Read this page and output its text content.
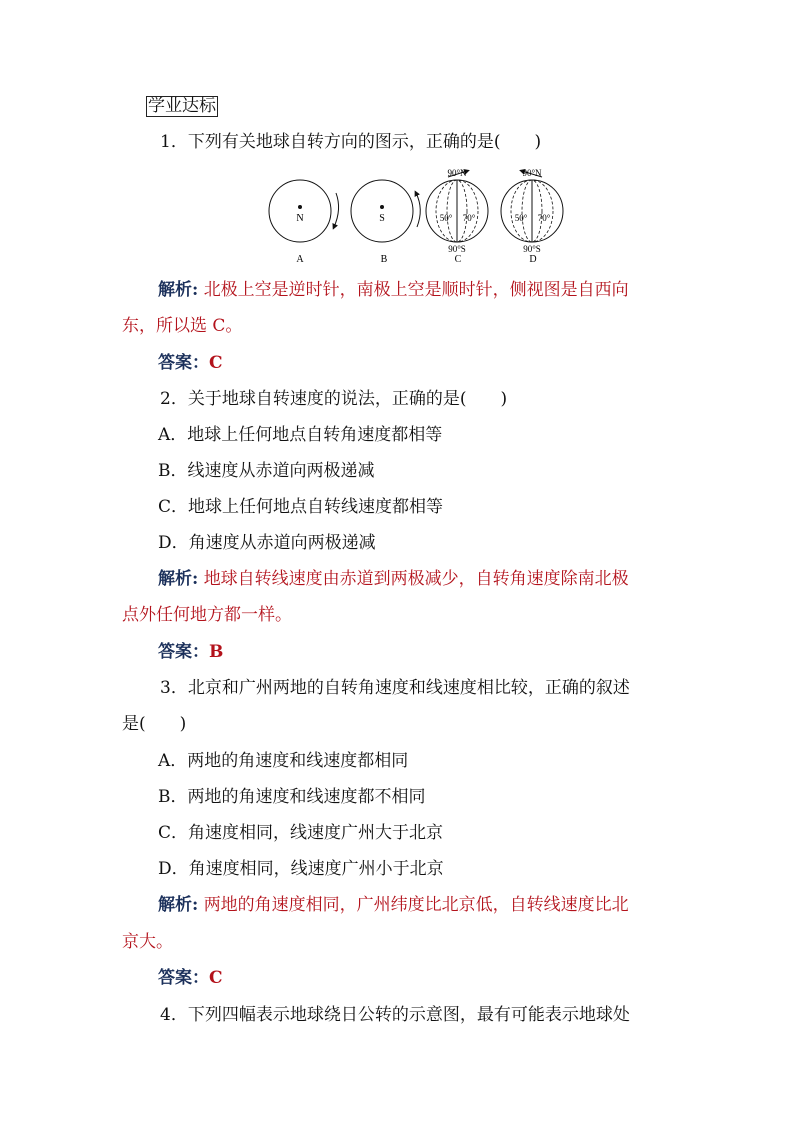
学业达标
1．下列有关地球自转方向的图示，正确的是(　　)
N
A
S
B
90°N
50° 70°
90°S
C
90°N
50° 70°
90°S
D
解析: 北极上空是逆时针，南极上空是顺时针，侧视图是自西向
东，所以选 C。
答案：C
2．关于地球自转速度的说法，正确的是(　　)
A．地球上任何地点自转角速度都相等
B．线速度从赤道向两极递减
C．地球上任何地点自转线速度都相等
D．角速度从赤道向两极递减
解析: 地球自转线速度由赤道到两极减少，自转角速度除南北极
点外任何地方都一样。
答案：B
3．北京和广州两地的自转角速度和线速度相比较，正确的叙述
是(　　)
A．两地的角速度和线速度都相同
B．两地的角速度和线速度都不相同
C．角速度相同，线速度广州大于北京
D．角速度相同，线速度广州小于北京
解析: 两地的角速度相同，广州纬度比北京低，自转线速度比北
京大。
答案：C
4．下列四幅表示地球绕日公转的示意图，最有可能表示地球处
